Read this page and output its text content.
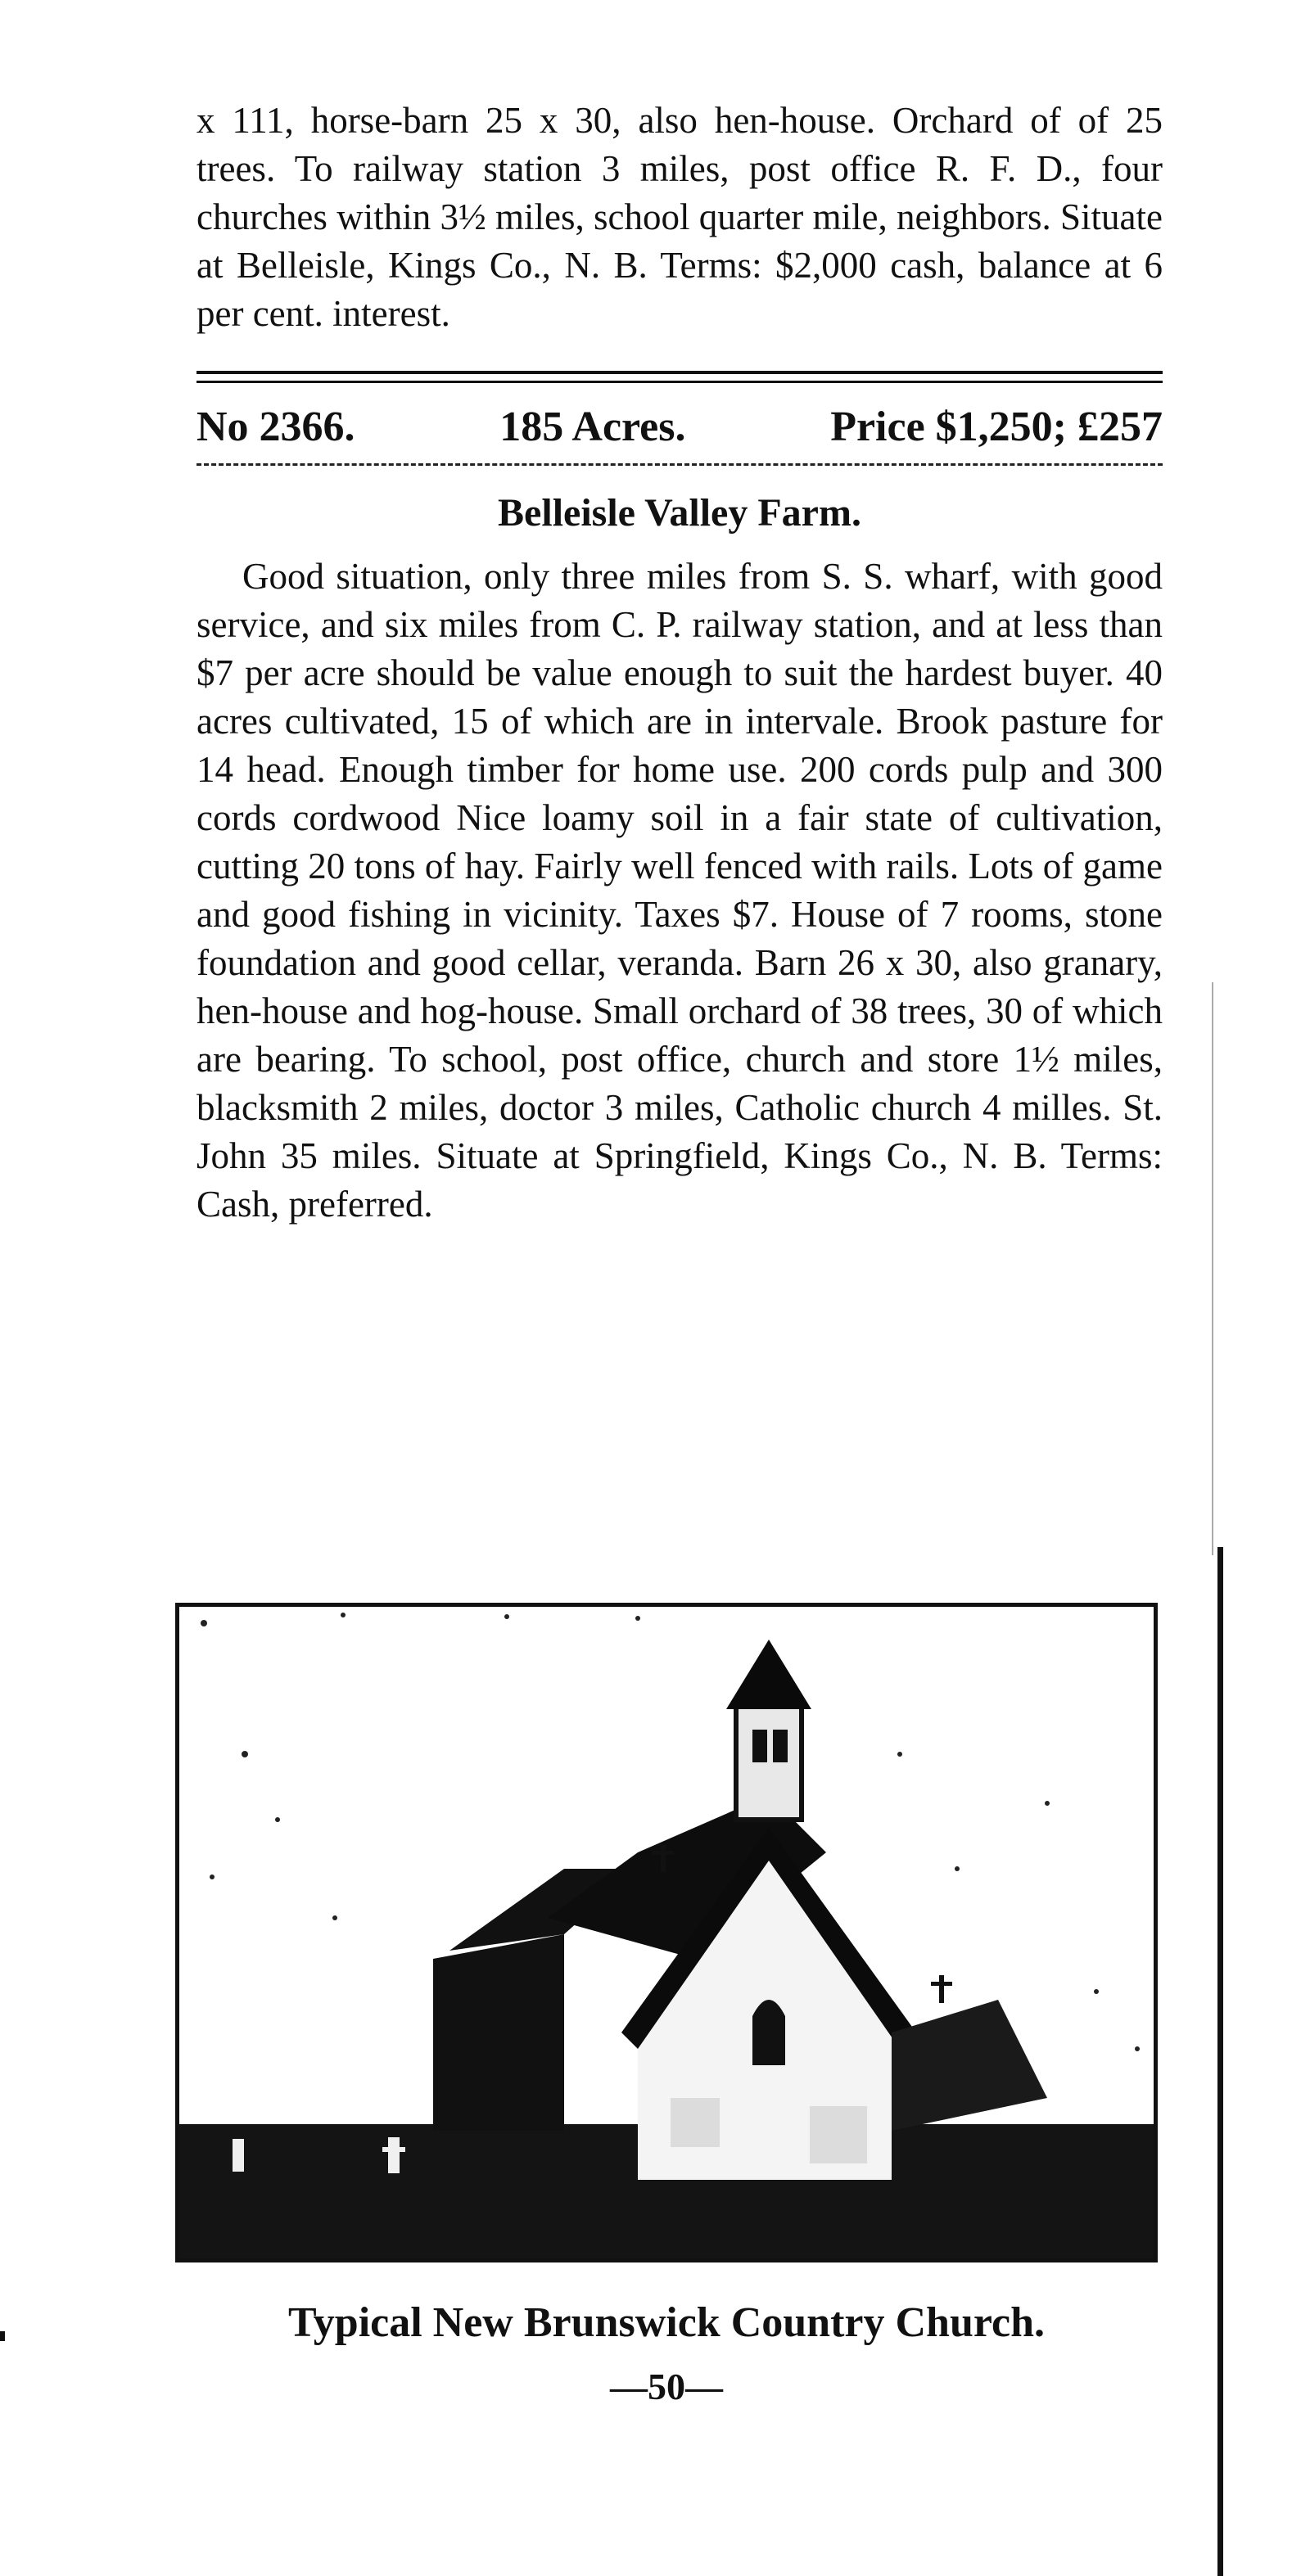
x 111, horse-barn 25 x 30, also hen-house. Orchard of of 25 trees. To railway station 3 miles, post office R. F. D., four churches within 3½ miles, school quarter mile, neighbors. Situate at Belleisle, Kings Co., N. B. Terms: $2,000 cash, balance at 6 per cent. interest.

No 2366.	185 Acres.	Price $1,250; £257
Belleisle Valley Farm.

Good situation, only three miles from S. S. wharf, with good service, and six miles from C. P. railway station, and at less than $7 per acre should be value enough to suit the hardest buyer. 40 acres cultivated, 15 of which are in intervale. Brook pasture for 14 head. Enough timber for home use. 200 cords pulp and 300 cords cordwood Nice loamy soil in a fair state of cultivation, cutting 20 tons of hay. Fairly well fenced with rails. Lots of game and good fishing in vicinity. Taxes $7. House of 7 rooms, stone foundation and good cellar, veranda. Barn 26 x 30, also granary, hen-house and hog-house. Small orchard of 38 trees, 30 of which are bearing. To school, post office, church and store 1½ miles, blacksmith 2 miles, doctor 3 miles, Catholic church 4 milles. St. John 35 miles. Situate at Springfield, Kings Co., N. B. Terms: Cash, preferred.

Typical New Brunswick Country Church.
—50—
